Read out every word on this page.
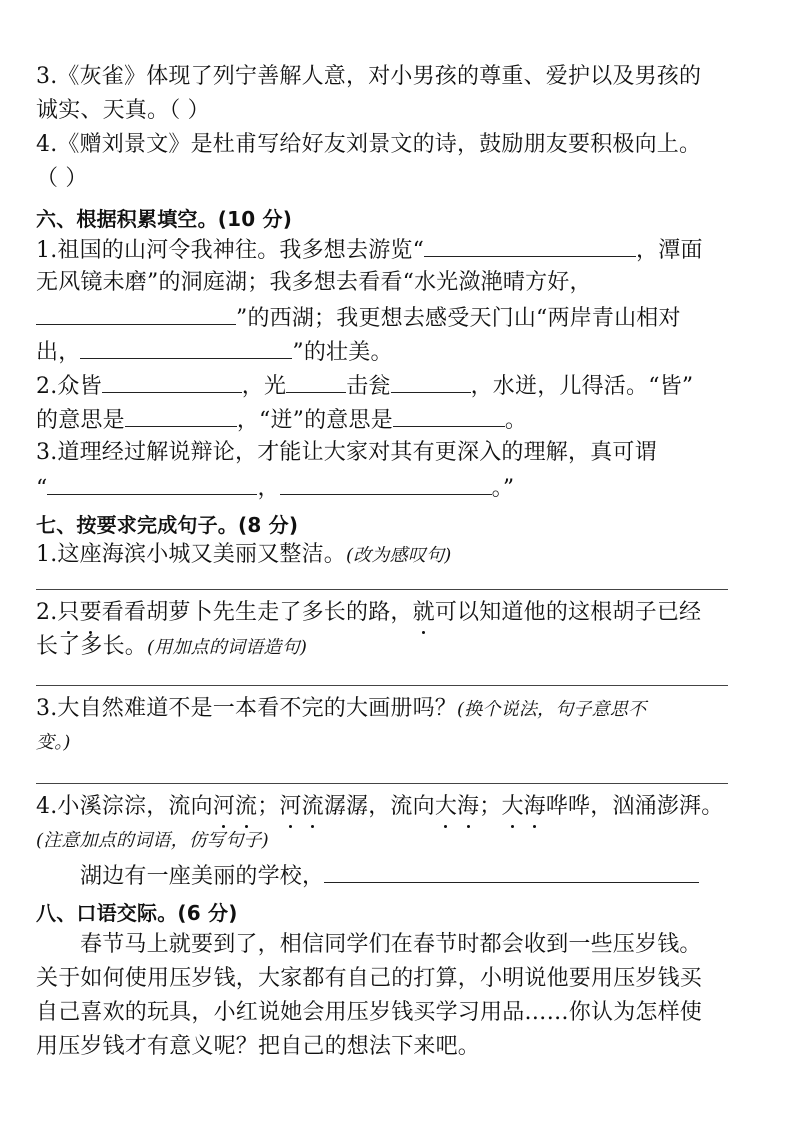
3.《灰雀》体现了列宁善解人意，对小男孩的尊重、爱护以及男孩的
诚实、天真。（ ）
4.《赠刘景文》是杜甫写给好友刘景文的诗，鼓励朋友要积极向上。
（ ）
六、根据积累填空。(10 分)
1.祖国的山河令我神往。我多想去游览“	，潭面
无风镜未磨”的洞庭湖；我多想去看看“水光潋滟晴方好，
”的西湖；我更想去感受天门山“两岸青山相对
出，	”的壮美。
2.众皆	，光	击瓮	，水迸，儿得活。“皆”
的意思是	，“迸”的意思是	。
3.道理经过解说辩论，才能让大家对其有更深入的理解，真可谓
“	，	。”
七、按要求完成句子。(8 分)
1.这座海滨小城又美丽又整洁。(改为感叹句)
2.只要看看胡萝卜先生走了多长的路，就可以知道他的这根胡子已经
长了多长。(用加点的词语造句)
3.大自然难道不是一本看不完的大画册吗？(换个说法，句子意思不
变。)
4.小溪淙淙，流向河流；河流潺潺，流向大海；大海哗哗，汹涌澎湃。
(注意加点的词语，仿写句子)
湖边有一座美丽的学校，
八、口语交际。(6 分)
春节马上就要到了，相信同学们在春节时都会收到一些压岁钱。
关于如何使用压岁钱，大家都有自己的打算，小明说他要用压岁钱买
自己喜欢的玩具，小红说她会用压岁钱买学习用品……你认为怎样使
用压岁钱才有意义呢？把自己的想法下来吧。
